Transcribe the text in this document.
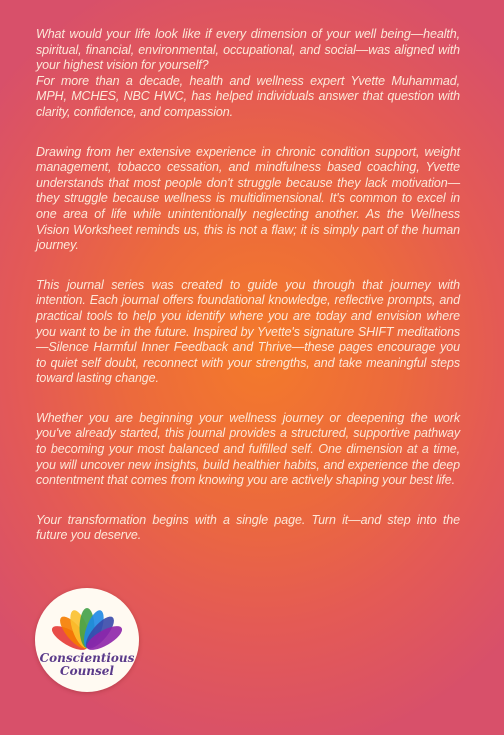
What would your life look like if every dimension of your well being—health, spiritual, financial, environmental, occupational, and social—was aligned with your highest vision for yourself?

For more than a decade, health and wellness expert Yvette Muhammad, MPH, MCHES, NBC HWC, has helped individuals answer that question with clarity, confidence, and compassion.

Drawing from her extensive experience in chronic condition support, weight management, tobacco cessation, and mindfulness based coaching, Yvette understands that most people don't struggle because they lack motivation—they struggle because wellness is multidimensional. It's common to excel in one area of life while unintentionally neglecting another. As the Wellness Vision Worksheet reminds us, this is not a flaw; it is simply part of the human journey.

This journal series was created to guide you through that journey with intention. Each journal offers foundational knowledge, reflective prompts, and practical tools to help you identify where you are today and envision where you want to be in the future. Inspired by Yvette's signature SHIFT meditations—Silence Harmful Inner Feedback and Thrive—these pages encourage you to quiet self doubt, reconnect with your strengths, and take meaningful steps toward lasting change.

Whether you are beginning your wellness journey or deepening the work you've already started, this journal provides a structured, supportive pathway to becoming your most balanced and fulfilled self. One dimension at a time, you will uncover new insights, build healthier habits, and experience the deep contentment that comes from knowing you are actively shaping your best life.

Your transformation begins with a single page. Turn it—and step into the future you deserve.

Conscientious
Counsel
